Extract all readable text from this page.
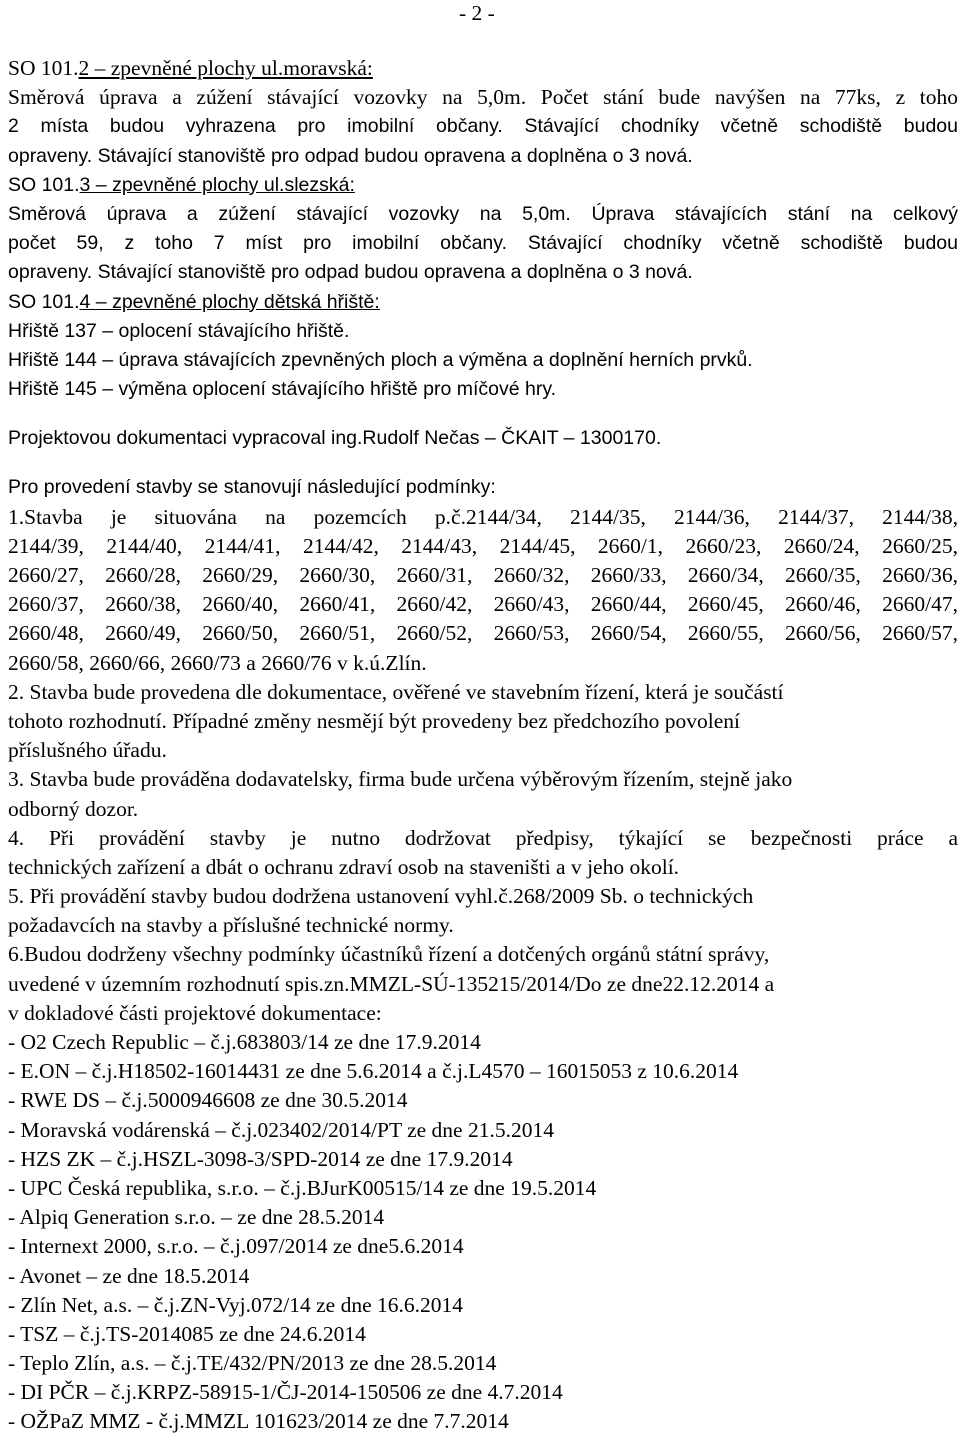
- 2 -
SO 101.2 – zpevněné plochy ul.moravská:
Směrová úprava a zúžení stávající vozovky na 5,0m. Počet stání bude navýšen na 77ks, z toho
2 místa budou vyhrazena pro imobilní občany. Stávající chodníky včetně schodiště budou
opraveny. Stávající stanoviště pro odpad budou opravena a doplněna o 3 nová.
SO 101.3 – zpevněné plochy ul.slezská:
Směrová úprava a zúžení stávající vozovky na 5,0m. Úprava stávajících stání na celkový
počet 59, z toho 7 míst pro imobilní občany. Stávající chodníky včetně schodiště budou
opraveny. Stávající stanoviště pro odpad budou opravena a doplněna o 3 nová.
SO 101.4 – zpevněné plochy dětská hřiště:
Hřiště 137 – oplocení stávajícího hřiště.
Hřiště 144 – úprava stávajících zpevněných ploch a výměna a doplnění herních prvků.
Hřiště 145 – výměna oplocení stávajícího hřiště pro míčové hry.
Projektovou dokumentaci vypracoval ing.Rudolf Nečas – ČKAIT – 1300170.
Pro provedení stavby se stanovují následující podmínky:
1.Stavba je situována na pozemcích p.č.2144/34, 2144/35, 2144/36, 2144/37, 2144/38,
2144/39, 2144/40, 2144/41, 2144/42, 2144/43, 2144/45, 2660/1, 2660/23, 2660/24, 2660/25,
2660/27, 2660/28, 2660/29, 2660/30, 2660/31, 2660/32, 2660/33, 2660/34, 2660/35, 2660/36,
2660/37, 2660/38, 2660/40, 2660/41, 2660/42, 2660/43, 2660/44, 2660/45, 2660/46, 2660/47,
2660/48, 2660/49, 2660/50, 2660/51, 2660/52, 2660/53, 2660/54, 2660/55, 2660/56, 2660/57,
2660/58, 2660/66, 2660/73 a 2660/76 v k.ú.Zlín.
2. Stavba bude provedena dle dokumentace, ověřené ve stavebním řízení, která je součástí
tohoto rozhodnutí. Případné změny nesmějí být provedeny bez předchozího povolení
příslušného úřadu.
3. Stavba bude prováděna dodavatelsky, firma bude určena výběrovým řízením, stejně jako
odborný dozor.
4. Při provádění stavby je nutno dodržovat předpisy, týkající se bezpečnosti práce a
technických zařízení a dbát o ochranu zdraví osob na staveništi a v jeho okolí.
5. Při provádění stavby budou dodržena ustanovení vyhl.č.268/2009 Sb. o technických
požadavcích na stavby a příslušné technické normy.
6.Budou dodrženy všechny podmínky účastníků řízení a dotčených orgánů státní správy,
uvedené v územním rozhodnutí spis.zn.MMZL-SÚ-135215/2014/Do ze dne22.12.2014 a
v dokladové části projektové dokumentace:
- O2 Czech Republic – č.j.683803/14 ze dne 17.9.2014
- E.ON – č.j.H18502-16014431 ze dne 5.6.2014 a č.j.L4570 – 16015053 z 10.6.2014
- RWE DS – č.j.5000946608 ze dne 30.5.2014
- Moravská vodárenská – č.j.023402/2014/PT ze dne 21.5.2014
- HZS ZK – č.j.HSZL-3098-3/SPD-2014 ze dne 17.9.2014
- UPC Česká republika, s.r.o. – č.j.BJurK00515/14 ze dne 19.5.2014
- Alpiq Generation s.r.o. – ze dne 28.5.2014
- Internext 2000, s.r.o. – č.j.097/2014 ze dne5.6.2014
- Avonet – ze dne 18.5.2014
- Zlín Net, a.s. – č.j.ZN-Vyj.072/14 ze dne 16.6.2014
- TSZ – č.j.TS-2014085 ze dne 24.6.2014
- Teplo Zlín, a.s. – č.j.TE/432/PN/2013 ze dne 28.5.2014
- DI PČR – č.j.KRPZ-58915-1/ČJ-2014-150506 ze dne 4.7.2014
- OŽPaZ MMZ - č.j.MMZL 101623/2014 ze dne 7.7.2014
